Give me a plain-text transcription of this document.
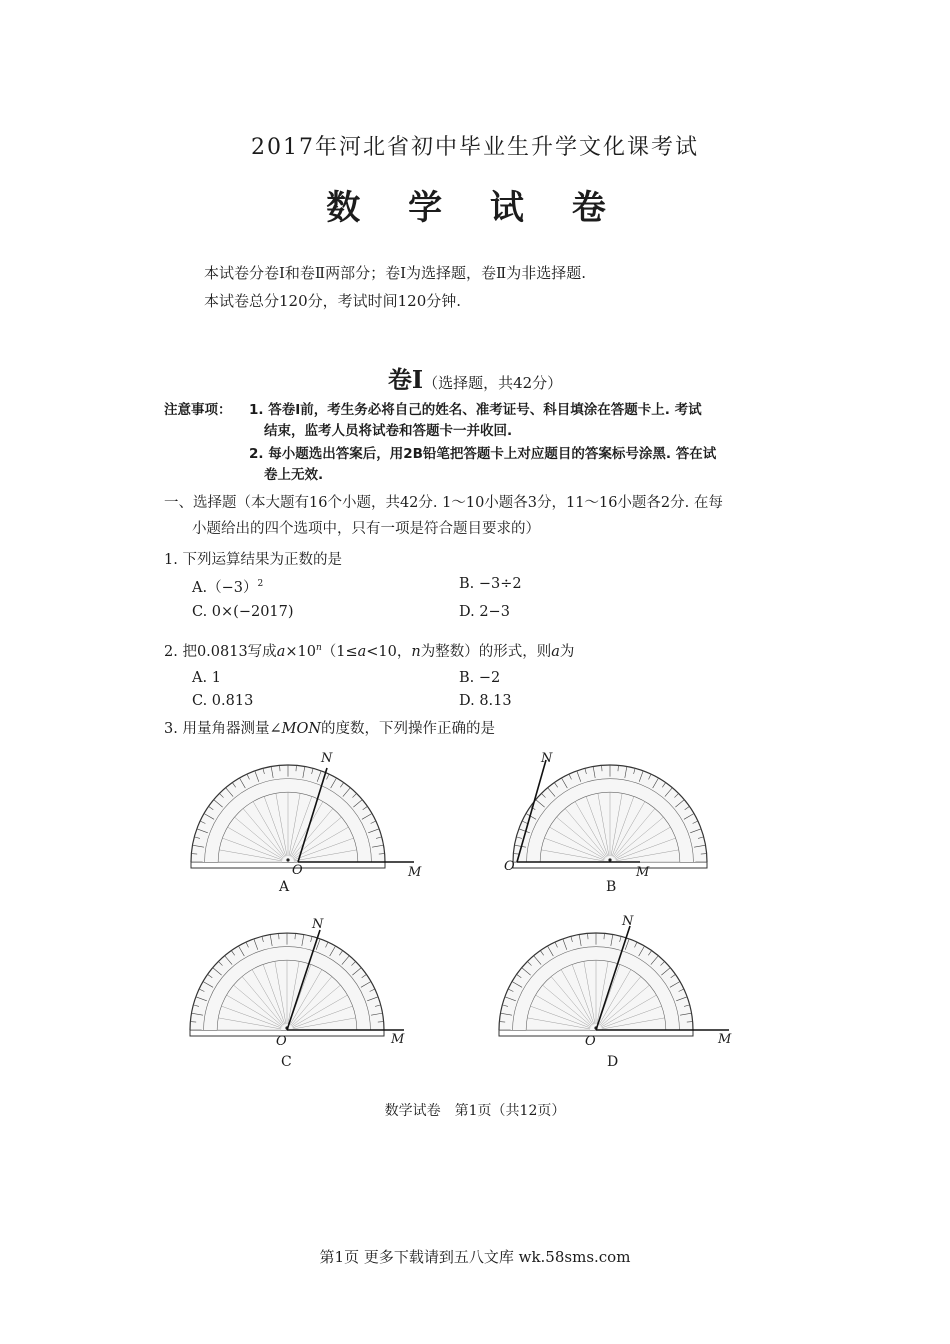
2017年河北省初中毕业生升学文化课考试
数 学 试 卷
本试卷分卷Ⅰ和卷Ⅱ两部分；卷Ⅰ为选择题，卷Ⅱ为非选择题.
本试卷总分120分，考试时间120分钟.
卷Ⅰ（选择题，共42分）
注意事项： 1. 答卷Ⅰ前，考生务必将自己的姓名、准考证号、科目填涂在答题卡上. 考试
结束，监考人员将试卷和答题卡一并收回.
2. 每小题选出答案后，用2B铅笔把答题卡上对应题目的答案标号涂黑. 答在试
卷上无效.
一、选择题（本大题有16个小题，共42分. 1～10小题各3分，11～16小题各2分. 在每
小题给出的四个选项中，只有一项是符合题目要求的）
1. 下列运算结果为正数的是
$A.(-3)^2$	B. −3÷2
C. 0×(−2017)	D. 2−3
2. 把0.0813写成$a\times 10^n(1\le a<10$，n为整数）的形式，则a为
A. 1	B. −2
C. 0.813	D. 8.13
3. 用量角器测量∠MON的度数，下列操作正确的是
O	M
N
A
O	M
N
B
O	M
N
C
O	M
N
D
数学试卷　第1页（共12页）
第1页 更多下载请到五八文库 wk.58sms.com
